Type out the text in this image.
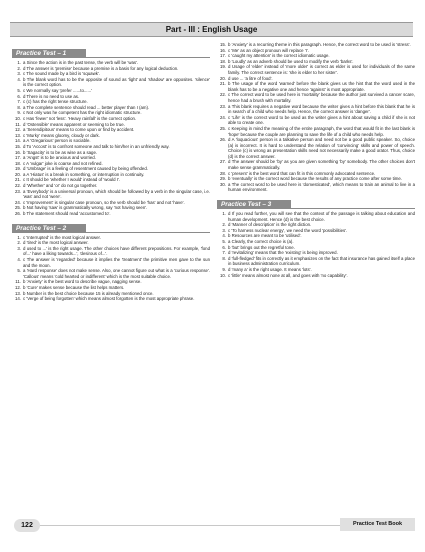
Part - III : English Usage
Practice Test – 1
1. a Since the action is in the past tense, the verb will be 'was'.
2. d The answer is 'premise' because a premise is a basis for any logical deduction.
3. c The sound made by a bird is 'squawk'.
4. b The blank word has to be the opposite of sound as 'light' and 'shadow' are opposites. 'silence' is the correct option.
5. c We normally say 'prefer ......to......'
6. d There is no need to use as.
7. c (c) has the right tense structure.
8. a The complete sentence should read ... better player than I (am).
9. c Not only was he competent has the right idiomatic structure.
10. c Has 'fewer' not 'less'. 'Heavy rainfall' is the correct option.
11. d 'Ostensible' means apparent or seeming to be true.
12. a 'Serendipitous' means to come upon or find by accident.
13. c 'Murky' means gloomy, cloudy or dark.
14. a A 'Gregarious' person is sociable.
15. d To 'Accost' is to confront someone and talk to him/her in an unfriendly way.
16. b 'Sagacity' is to be as wise as a sage.
17. a 'Angst' is to be anxious and worried.
18. c A 'vulgar' joke is coarse and not refined.
19. d 'Umbrage' is a feeling of resentment caused by being offended.
20. a A 'Hiatus' is a break in something, or interruption in continuity.
21. c It should be 'whether I would' instead of 'would I'.
22. d 'Whether' and 'or' do not go together.
23. a 'Everybody' is a universal pronoun, which should be followed by a verb in the singular case, i.e. 'was' and not 'were'.
24. c 'Improvement' is singular case pronoun, so the verb should be 'has' and not 'have'.
25. b Not having 'saw' is grammatically wrong, say 'not having seen'.
26. b The statement should read 'accustomed to'.
Practice Test – 2
1. c 'Interrupted' is the most logical answer.
2. d 'tired' is the most logical answer.
3. d used to ...' is the right usage. The other choices have different prepositions. For example, 'fond of...' have a liking towards...', 'desirous of...'.
4. c The answer is 'regarded' because it implies the 'treatment' the primitive men gave to the sun and the moon.
5. a 'Hard response' does not make sense. Also, one cannot figure out what is a 'curious response'. 'Callous' means 'cold hearted or indifferent' which is the most suitable choice.
11. b 'Anxiety' is the best word to describe vague, nagging sense.
12. b 'Cure' makes sense because the list helps matters.
13. b Number is the best choice because 15 is already mentioned once.
14. c 'Verge of being forgotten' which means almost forgotten is the most appropriate phrase.
15. b 'Anxiety' is a recurring theme in this paragraph. Hence, the correct word to be used is 'stress'.
16. c 'Me' as an object pronoun will replace 'I'.
17. c 'caught my attention' is the correct idiomatic usage.
18. b 'Loudly' as an adverb should be used to modify the verb 'barks'.
19. d Usage of 'elder' instead of 'more older' is correct as elder is used for individuals of the same family. The correct sentence is: 'she is elder to her sister'.
20. d use ... 'a litre of food'.
21. b The usage of the word 'warned' before the blank gives us the hint that the word used in the blank has to be a negative one and hence 'against' is most appropriate.
22. c The correct word to be used here is 'mortality' because the author just survived a cancer scare, hence had a brush with mortality.
23. a This blank requires a negative word because the writer gives a hint before this blank that he is in search of a child who needs help. Hence, the correct answer is 'danger'.
24. c 'Life' is the correct word to be used as the writer gives a hint about saving a child if she is not able to create one.
25. c Keeping in mind the meaning of the entire paragraph, the word that would fit in the last blank is 'hope' because the couple are planning to save the life of a child who needs help.
26. d A 'loquacious' person is a talkative person and need not be a good public speaker. So, choice (a) is incorrect. It is hard to understand the relation of 'convincing' skills and power of speech. Choice (c) is wrong as presentation skills need not necessarily make a good orator. Thus, choice (d) is the correct answer.
27. d The answer should be 'by' as you are given something 'by' somebody. The other choices don't make sense grammatically.
28. c 'present' is the best word that can fit in this commonly advocated sentence.
29. b 'eventually' is the correct word because the results of any practice come after some time.
30. a The correct word to be used here is 'domesticated', which means to train an animal to live in a human environment.
Practice Test – 3
1. d If you read further, you will see that the context of the passage is talking about education and human development. Hence (d) is the best choice.
2. d 'Manner of description' is the right diction.
3. c 'To harness nuclear energy', we need the word 'possibilities'.
4. b Resources are meant to be 'utilised'.
5. a Clearly, the correct choice is (a).
6. b 'but' brings out the regretful tone.
7. d 'revitalizing' means that the 'existing' is being improved.
8. d 'full-fledged' fits in correctly as it emphasizes on the fact that insurance has gained itself a place in business administration curriculum.
9. d 'many a' is the right usage. It means 'lots'.
10. c 'little' means almost none at all, and goes with 'no capability'.
122	Practice Test Book
